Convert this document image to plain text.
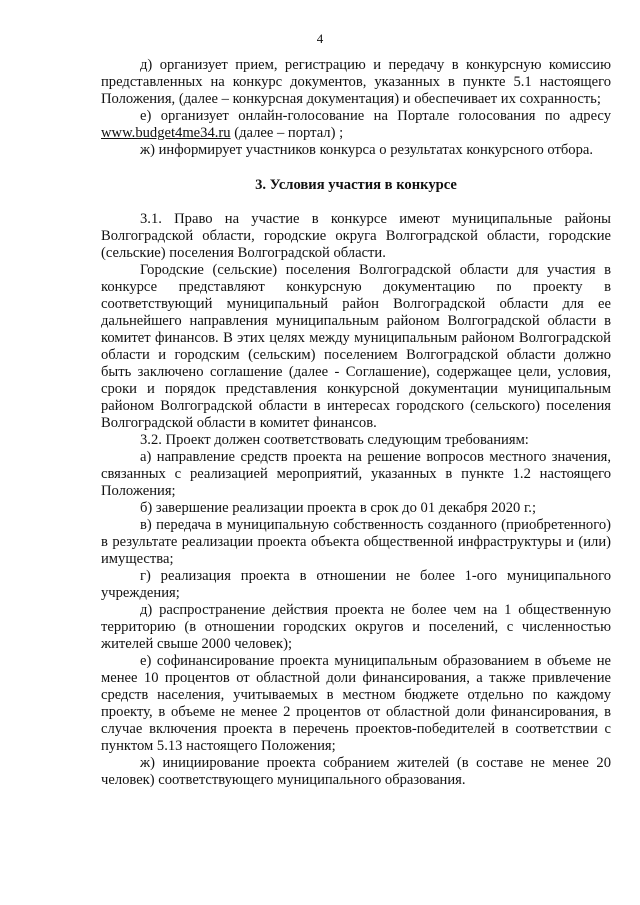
4

д) организует прием, регистрацию и передачу в конкурсную комиссию представленных на конкурс документов, указанных в пункте 5.1 настоящего Положения, (далее – конкурсная документация) и обеспечивает их сохранность;

е) организует онлайн-голосование на Портале голосования по адресу www.budget4me34.ru (далее – портал) ;

ж) информирует участников конкурса о результатах конкурсного отбора.

3. Условия участия в конкурсе

3.1. Право на участие в конкурсе имеют муниципальные районы Волгоградской области, городские округа Волгоградской области, городские (сельские) поселения Волгоградской области.

Городские (сельские) поселения Волгоградской области для участия в конкурсе представляют конкурсную документацию по проекту в соответствующий муниципальный район Волгоградской области для ее дальнейшего направления муниципальным районом Волгоградской области в комитет финансов. В этих целях между муниципальным районом Волгоградской области и городским (сельским) поселением Волгоградской области должно быть заключено соглашение (далее - Соглашение), содержащее цели, условия, сроки и порядок представления конкурсной документации муниципальным районом Волгоградской области в интересах городского (сельского) поселения Волгоградской области в комитет финансов.

3.2. Проект должен соответствовать следующим требованиям:

а) направление средств проекта на решение вопросов местного значения, связанных с реализацией мероприятий, указанных в пункте 1.2 настоящего Положения;

б) завершение реализации проекта в срок до 01 декабря 2020 г.;

в) передача в муниципальную собственность созданного (приобретенного) в результате реализации проекта объекта общественной инфраструктуры и (или) имущества;

г) реализация проекта в отношении не более 1-ого муниципального учреждения;

д) распространение действия проекта не более чем на 1 общественную территорию (в отношении городских округов и поселений, с численностью жителей свыше 2000 человек);

е) софинансирование проекта муниципальным образованием в объеме не менее 10 процентов от областной доли финансирования, а также привлечение средств населения, учитываемых в местном бюджете отдельно по каждому проекту, в объеме не менее 2 процентов от областной доли финансирования, в случае включения проекта в перечень проектов-победителей в соответствии с пунктом 5.13 настоящего Положения;

ж) инициирование проекта собранием жителей (в составе не менее 20 человек) соответствующего муниципального образования.
